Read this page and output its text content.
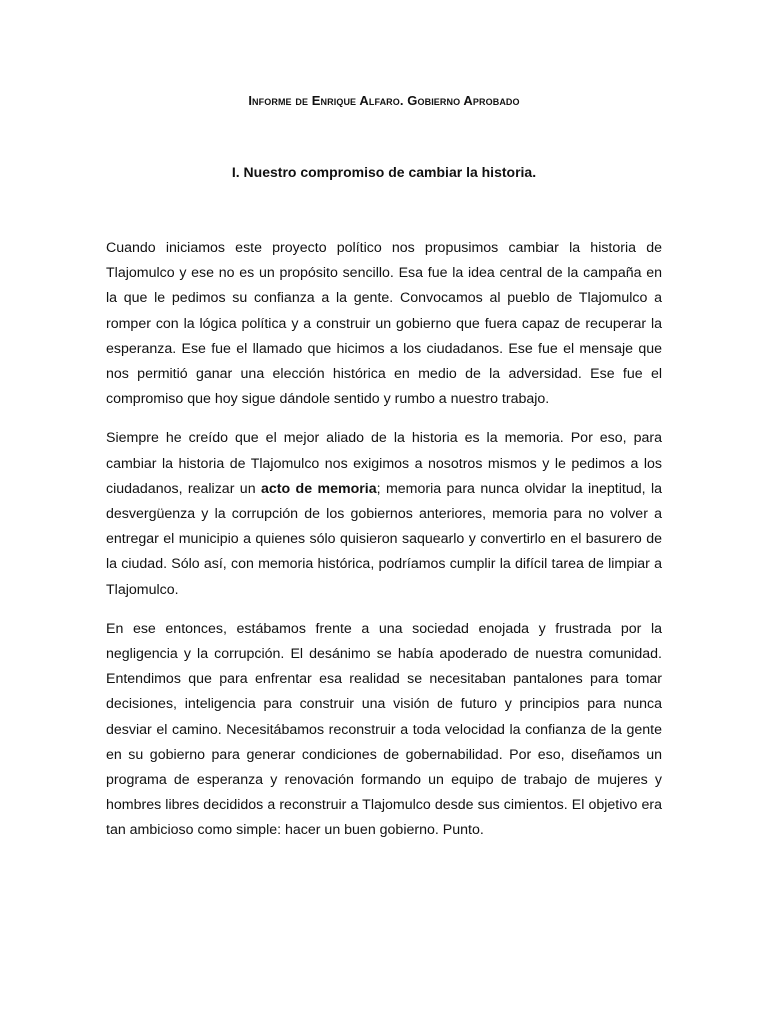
Informe de Enrique Alfaro. Gobierno Aprobado
I. Nuestro compromiso de cambiar la historia.

Cuando iniciamos este proyecto político nos propusimos cambiar la historia de Tlajomulco y ese no es un propósito sencillo. Esa fue la idea central de la campaña en la que le pedimos su confianza a la gente. Convocamos al pueblo de Tlajomulco a romper con la lógica política y a construir un gobierno que fuera capaz de recuperar la esperanza. Ese fue el llamado que hicimos a los ciudadanos. Ese fue el mensaje que nos permitió ganar una elección histórica en medio de la adversidad. Ese fue el compromiso que hoy sigue dándole sentido y rumbo a nuestro trabajo.

Siempre he creído que el mejor aliado de la historia es la memoria. Por eso, para cambiar la historia de Tlajomulco nos exigimos a nosotros mismos y le pedimos a los ciudadanos, realizar un acto de memoria; memoria para nunca olvidar la ineptitud, la desvergüenza y la corrupción de los gobiernos anteriores, memoria para no volver a entregar el municipio a quienes sólo quisieron saquearlo y convertirlo en el basurero de la ciudad. Sólo así, con memoria histórica, podríamos cumplir la difícil tarea de limpiar a Tlajomulco.

En ese entonces, estábamos frente a una sociedad enojada y frustrada por la negligencia y la corrupción. El desánimo se había apoderado de nuestra comunidad. Entendimos que para enfrentar esa realidad se necesitaban pantalones para tomar decisiones, inteligencia para construir una visión de futuro y principios para nunca desviar el camino. Necesitábamos reconstruir a toda velocidad la confianza de la gente en su gobierno para generar condiciones de gobernabilidad. Por eso, diseñamos un programa de esperanza y renovación formando un equipo de trabajo de mujeres y hombres libres decididos a reconstruir a Tlajomulco desde sus cimientos. El objetivo era tan ambicioso como simple: hacer un buen gobierno. Punto.
